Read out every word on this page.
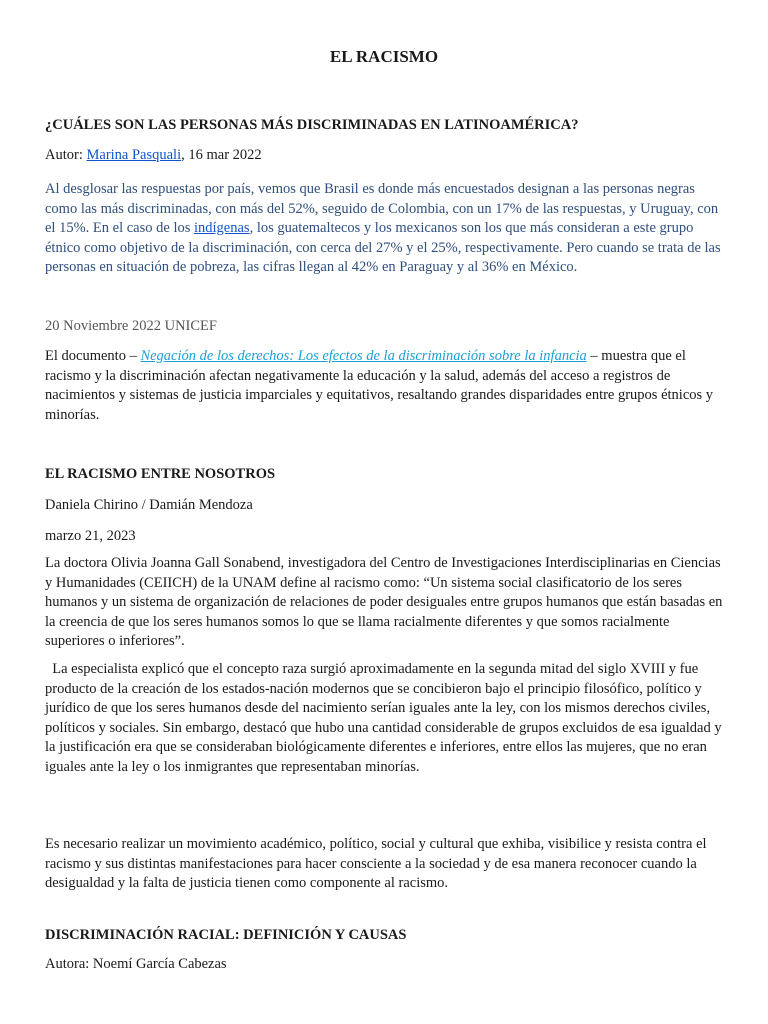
EL RACISMO
¿CUÁLES SON LAS PERSONAS MÁS DISCRIMINADAS EN LATINOAMÉRICA?

Autor: Marina Pasquali, 16 mar 2022

Al desglosar las respuestas por país, vemos que Brasil es donde más encuestados designan a las personas negras como las más discriminadas, con más del 52%, seguido de Colombia, con un 17% de las respuestas, y Uruguay, con el 15%. En el caso de los indígenas, los guatemaltecos y los mexicanos son los que más consideran a este grupo étnico como objetivo de la discriminación, con cerca del 27% y el 25%, respectivamente. Pero cuando se trata de las personas en situación de pobreza, las cifras llegan al 42% en Paraguay y al 36% en México.

20 Noviembre 2022 UNICEF

El documento – Negación de los derechos: Los efectos de la discriminación sobre la infancia – muestra que el racismo y la discriminación afectan negativamente la educación y la salud, además del acceso a registros de nacimientos y sistemas de justicia imparciales y equitativos, resaltando grandes disparidades entre grupos étnicos y minorías.

EL RACISMO ENTRE NOSOTROS

Daniela Chirino / Damián Mendoza

marzo 21, 2023

La doctora Olivia Joanna Gall Sonabend, investigadora del Centro de Investigaciones Interdisciplinarias en Ciencias y Humanidades (CEIICH) de la UNAM define al racismo como: “Un sistema social clasificatorio de los seres humanos y un sistema de organización de relaciones de poder desiguales entre grupos humanos que están basadas en la creencia de que los seres humanos somos lo que se llama racialmente diferentes y que somos racialmente superiores o inferiores”.

La especialista explicó que el concepto raza surgió aproximadamente en la segunda mitad del siglo XVIII y fue producto de la creación de los estados-nación modernos que se concibieron bajo el principio filosófico, político y jurídico de que los seres humanos desde del nacimiento serían iguales ante la ley, con los mismos derechos civiles, políticos y sociales. Sin embargo, destacó que hubo una cantidad considerable de grupos excluidos de esa igualdad y la justificación era que se consideraban biológicamente diferentes e inferiores, entre ellos las mujeres, que no eran iguales ante la ley o los inmigrantes que representaban minorías.

Es necesario realizar un movimiento académico, político, social y cultural que exhiba, visibilice y resista contra el racismo y sus distintas manifestaciones para hacer consciente a la sociedad y de esa manera reconocer cuando la desigualdad y la falta de justicia tienen como componente al racismo.

DISCRIMINACIÓN RACIAL: DEFINICIÓN Y CAUSAS

Autora: Noemí García Cabezas
